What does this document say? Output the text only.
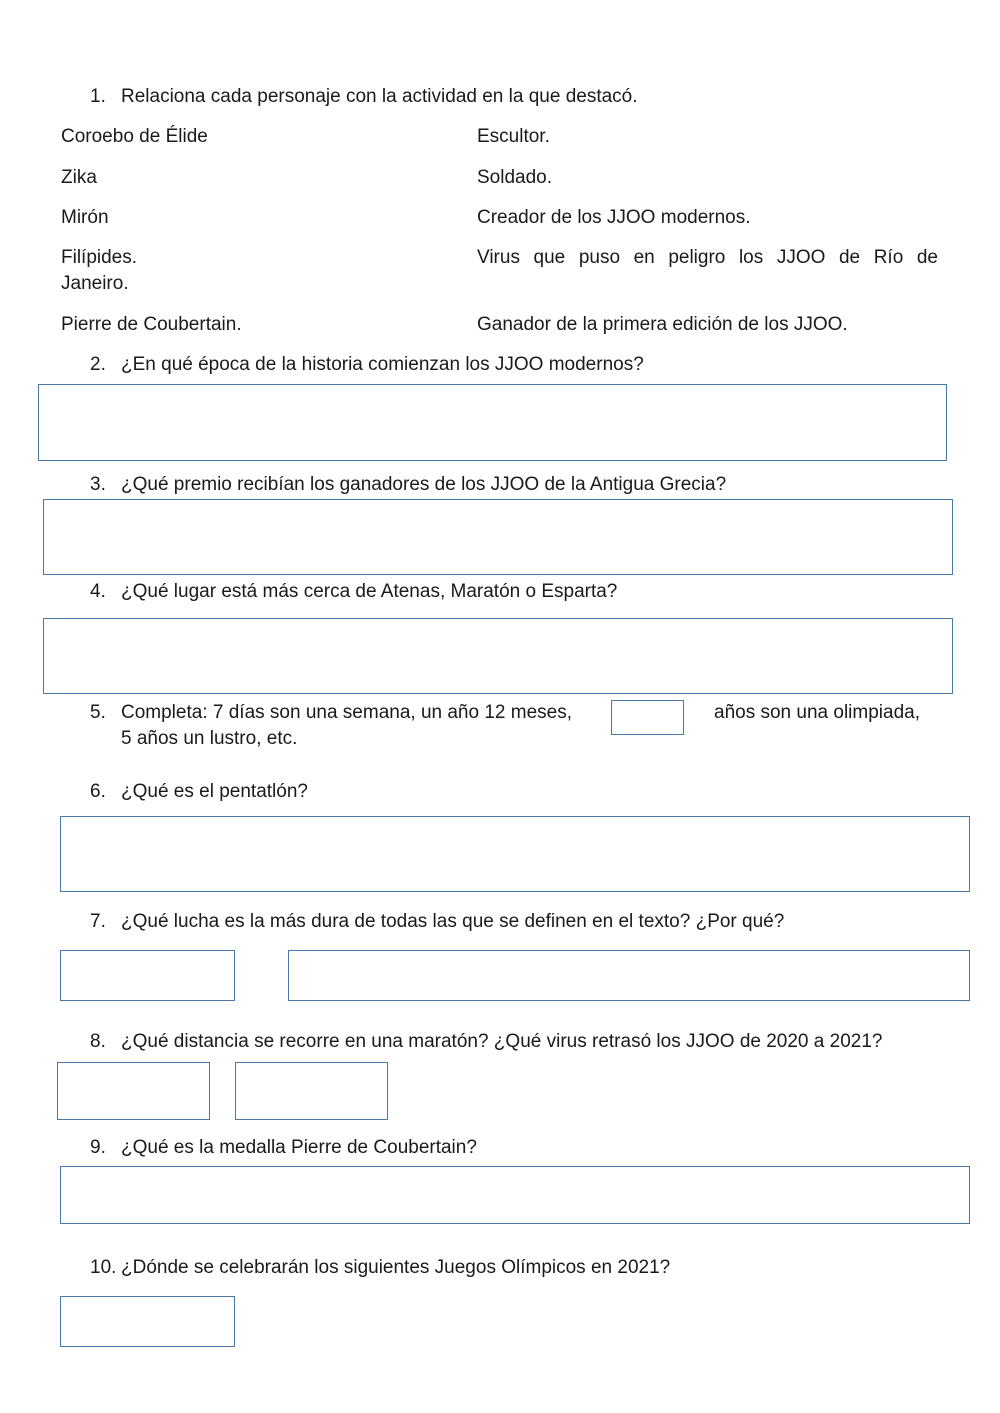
1. Relaciona cada personaje con la actividad en la que destacó.
Coroebo de Élide	Escultor.
Zika	Soldado.
Mirón	Creador de los JJOO modernos.
Filípides.	Virus que puso en peligro los JJOO de Río de
Janeiro.
Pierre de Coubertain.	Ganador de la primera edición de los JJOO.
2. ¿En qué época de la historia comienzan los JJOO modernos?
3. ¿Qué premio recibían los ganadores de los JJOO de la Antigua Grecia?
4. ¿Qué lugar está más cerca de Atenas, Maratón o Esparta?
5. Completa: 7 días son una semana, un año 12 meses,	años son una olimpiada,
5 años un lustro, etc.
6. ¿Qué es el pentatlón?
7. ¿Qué lucha es la más dura de todas las que se definen en el texto? ¿Por qué?
8. ¿Qué distancia se recorre en una maratón? ¿Qué virus retrasó los JJOO de 2020 a 2021?
9. ¿Qué es la medalla Pierre de Coubertain?
10. ¿Dónde se celebrarán los siguientes Juegos Olímpicos en 2021?
